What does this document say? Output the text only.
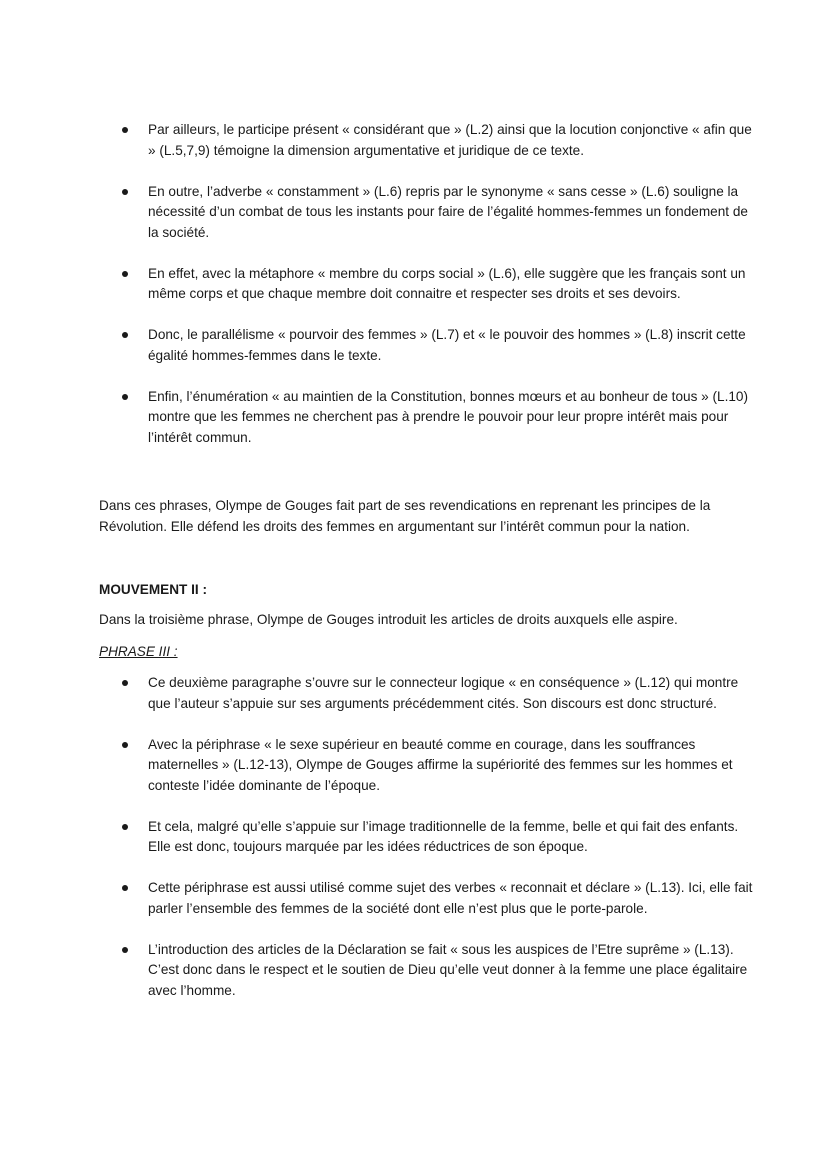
Par ailleurs, le participe présent « considérant que » (L.2) ainsi que la locution conjonctive « afin que » (L.5,7,9) témoigne la dimension argumentative et juridique de ce texte.
En outre, l’adverbe « constamment » (L.6) repris par le synonyme « sans cesse » (L.6) souligne la nécessité d’un combat de tous les instants pour faire de l’égalité hommes-femmes un fondement de la société.
En effet, avec la métaphore « membre du corps social » (L.6), elle suggère que les français sont un même corps et que chaque membre doit connaitre et respecter ses droits et ses devoirs.
Donc, le parallélisme « pourvoir des femmes » (L.7) et « le pouvoir des hommes » (L.8) inscrit cette égalité hommes-femmes dans le texte.
Enfin, l’énumération « au maintien de la Constitution, bonnes mœurs et au bonheur de tous » (L.10) montre que les femmes ne cherchent pas à prendre le pouvoir pour leur propre intérêt mais pour l’intérêt commun.

Dans ces phrases, Olympe de Gouges fait part de ses revendications en reprenant les principes de la Révolution. Elle défend les droits des femmes en argumentant sur l’intérêt commun pour la nation.

MOUVEMENT II :

Dans la troisième phrase, Olympe de Gouges introduit les articles de droits auxquels elle aspire.

PHRASE III :

Ce deuxième paragraphe s’ouvre sur le connecteur logique « en conséquence » (L.12) qui montre que l’auteur s’appuie sur ses arguments précédemment cités. Son discours est donc structuré.
Avec la périphrase « le sexe supérieur en beauté comme en courage, dans les souffrances maternelles » (L.12-13), Olympe de Gouges affirme la supériorité des femmes sur les hommes et conteste l’idée dominante de l’époque.
Et cela, malgré qu’elle s’appuie sur l’image traditionnelle de la femme, belle et qui fait des enfants. Elle est donc, toujours marquée par les idées réductrices de son époque.
Cette périphrase est aussi utilisé comme sujet des verbes « reconnait et déclare » (L.13). Ici, elle fait parler l’ensemble des femmes de la société dont elle n’est plus que le porte-parole.
L’introduction des articles de la Déclaration se fait « sous les auspices de l’Etre suprême » (L.13). C’est donc dans le respect et le soutien de Dieu qu’elle veut donner à la femme une place égalitaire avec l’homme.
